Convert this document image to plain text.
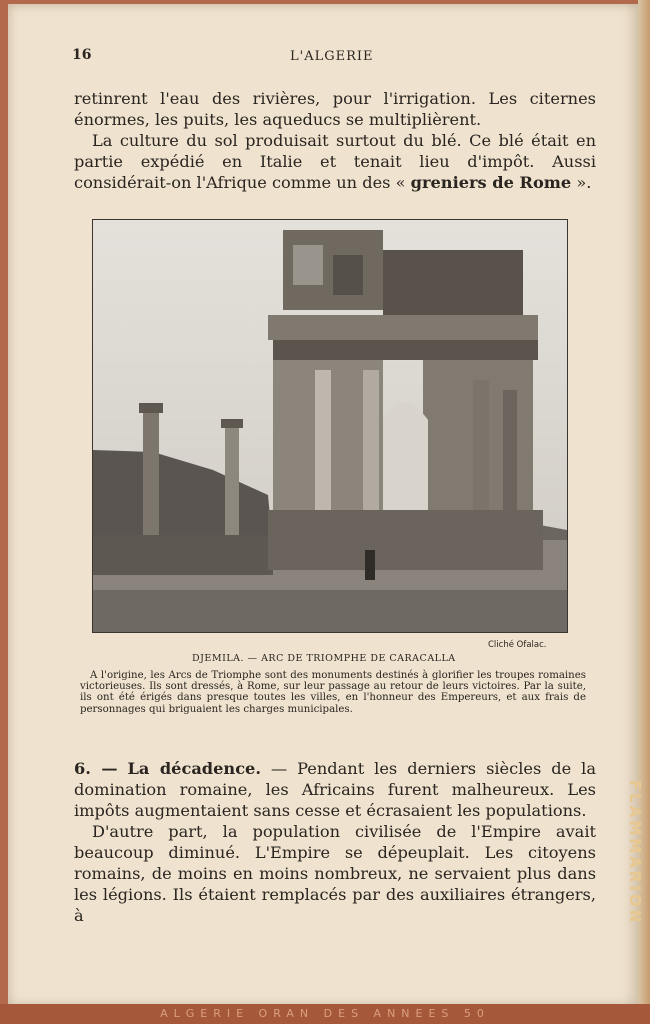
16	L'ALGERIE

retinrent l'eau des rivières, pour l'irrigation. Les citernes énormes, les puits, les aqueducs se multiplièrent.

La culture du sol produisait surtout du blé. Ce blé était en partie expédié en Italie et tenait lieu d'impôt. Aussi considérait-on l'Afrique comme un des « greniers de Rome ».

Cliché Ofalac.
DJEMILA. — ARC DE TRIOMPHE DE CARACALLA
A l'origine, les Arcs de Triomphe sont des monuments destinés à glorifier les troupes romaines victorieuses. Ils sont dressés, à Rome, sur leur passage au retour de leurs victoires. Par la suite, ils ont été érigés dans presque toutes les villes, en l'honneur des Empereurs, et aux frais de personnages qui briguaient les charges municipales.

6. — La décadence. — Pendant les derniers siècles de la domination romaine, les Africains furent malheureux. Les impôts augmentaient sans cesse et écrasaient les populations.

D'autre part, la population civilisée de l'Empire avait beaucoup diminué. L'Empire se dépeuplait. Les citoyens romains, de moins en moins nombreux, ne servaient plus dans les légions. Ils étaient remplacés par des auxiliaires étrangers, à	FLAMMARION
ALGERIE ORAN DES ANNEES 50
